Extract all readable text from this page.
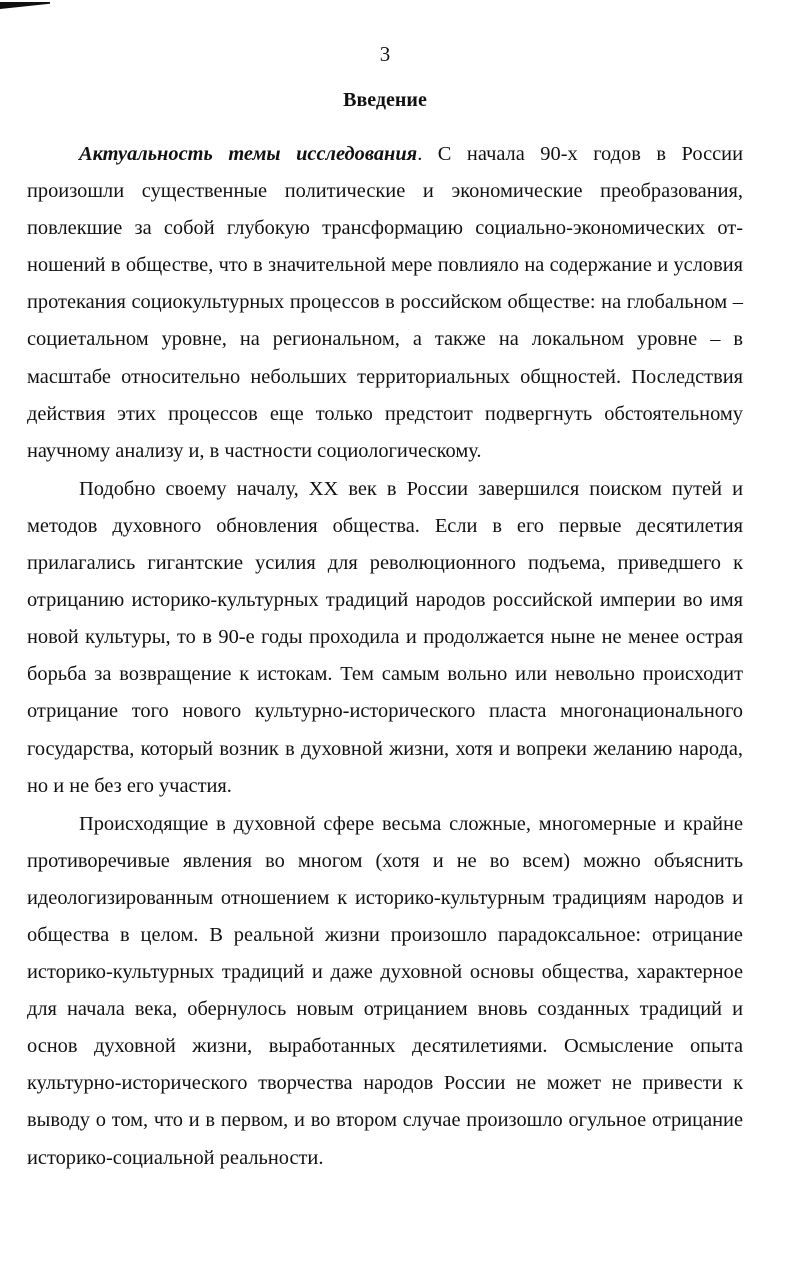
3
Введение

Актуальность темы исследования. С начала 90-х годов в России произошли существенные политические и экономические преобразования, повлекшие за собой глубокую трансформацию социально-экономических отношений в обществе, что в значительной мере повлияло на содержание и условия протекания социокультурных процессов в российском обществе: на глобальном – социетальном уровне, на региональном, а также на локальном уровне – в масштабе относительно небольших территориальных общностей. Последствия действия этих процессов еще только предстоит подвергнуть обстоятельному научному анализу и, в частности социологическому.

Подобно своему началу, XX век в России завершился поиском путей и методов духовного обновления общества. Если в его первые десятилетия прилагались гигантские усилия для революционного подъема, приведшего к отрицанию историко-культурных традиций народов российской империи во имя новой культуры, то в 90-е годы проходила и продолжается ныне не менее острая борьба за возвращение к истокам. Тем самым вольно или невольно происходит отрицание того нового культурно-исторического пласта многонационального государства, который возник в духовной жизни, хотя и вопреки желанию народа, но и не без его участия.

Происходящие в духовной сфере весьма сложные, многомерные и крайне противоречивые явления во многом (хотя и не во всем) можно объяснить идеологизированным отношением к историко-культурным традициям народов и общества в целом. В реальной жизни произошло парадоксальное: отрицание историко-культурных традиций и даже духовной основы общества, характерное для начала века, обернулось новым отрицанием вновь созданных традиций и основ духовной жизни, выработанных десятилетиями. Осмысление опыта культурно-исторического творчества народов России не может не привести к выводу о том, что и в первом, и во втором случае произошло огульное отрицание историко-социальной реальности.
